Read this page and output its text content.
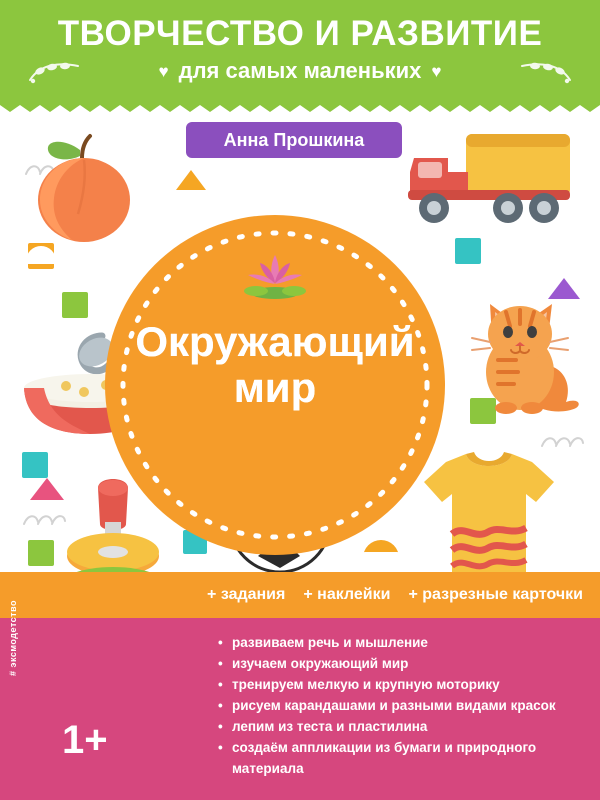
ТВОРЧЕСТВО И РАЗВИТИЕ
♥ для самых маленьких ♥
Анна Прошкина
Окружающий
мир
+ задания + наклейки + разрезные карточки
• развиваем речь и мышление
• изучаем окружающий мир
• тренируем мелкую и крупную моторику
• рисуем карандашами и разными видами красок
• лепим из теста и пластилина
• создаём аппликации из бумаги и природного материала
1+
# эксмодетство
